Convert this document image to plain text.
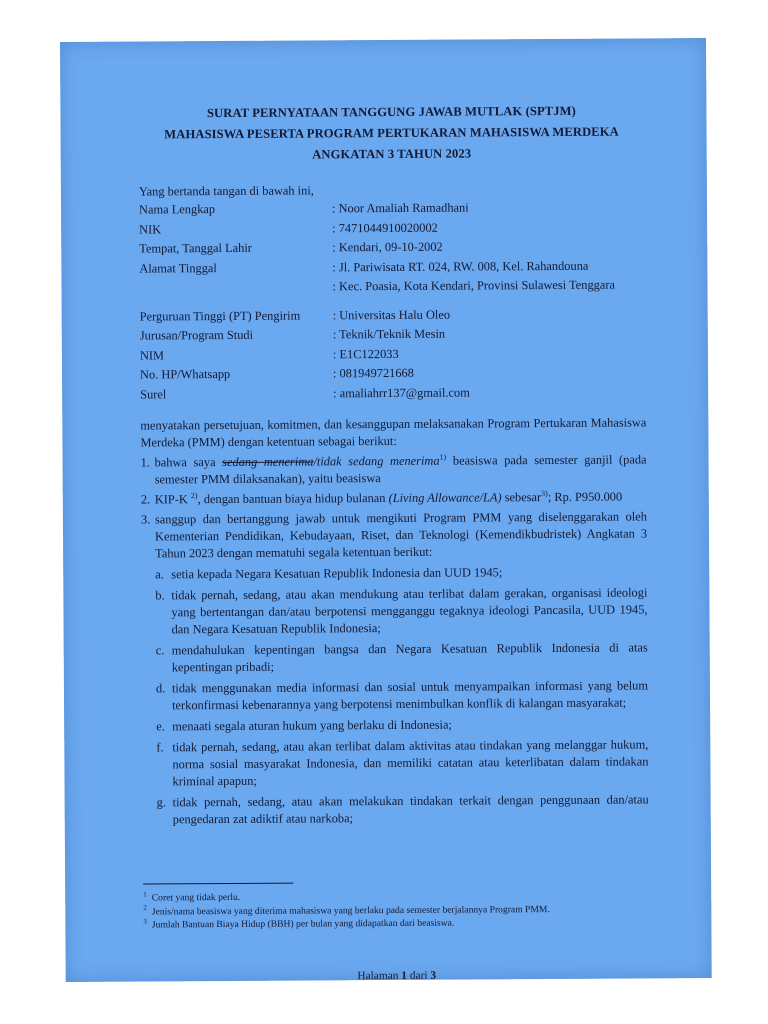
SURAT PERNYATAAN TANGGUNG JAWAB MUTLAK (SPTJM)
MAHASISWA PESERTA PROGRAM PERTUKARAN MAHASISWA MERDEKA
ANGKATAN 3 TAHUN 2023
Yang bertanda tangan di bawah ini,
Nama Lengkap	: Noor Amaliah Ramadhani
NIK	: 7471044910020002
Tempat, Tanggal Lahir	: Kendari, 09-10-2002
Alamat Tinggal	: Jl. Pariwisata RT. 024, RW. 008, Kel. Rahandouna
	: Kec. Poasia, Kota Kendari, Provinsi Sulawesi Tenggara
Perguruan Tinggi (PT) Pengirim	: Universitas Halu Oleo
Jurusan/Program Studi	: Teknik/Teknik Mesin
NIM	: E1C122033
No. HP/Whatsapp	: 081949721668
Surel	: amaliahrr137@gmail.com
menyatakan persetujuan, komitmen, dan kesanggupan melaksanakan Program Pertukaran Mahasiswa Merdeka (PMM) dengan ketentuan sebagai berikut:
1. bahwa saya sedang menerima/tidak sedang menerima$^{1)}$ beasiswa pada semester ganjil (pada semester PMM dilaksanakan), yaitu beasiswa
2. KIP-K $^{2)}$, dengan bantuan biaya hidup bulanan (Living Allowance/LA) sebesar$^{3)}$; Rp. P950.000
3. sanggup dan bertanggung jawab untuk mengikuti Program PMM yang diselenggarakan oleh Kementerian Pendidikan, Kebudayaan, Riset, dan Teknologi (Kemendikbudristek) Angkatan 3 Tahun 2023 dengan mematuhi segala ketentuan berikut:
a. setia kepada Negara Kesatuan Republik Indonesia dan UUD 1945;
b. tidak pernah, sedang, atau akan mendukung atau terlibat dalam gerakan, organisasi ideologi yang bertentangan dan/atau berpotensi mengganggu tegaknya ideologi Pancasila, UUD 1945, dan Negara Kesatuan Republik Indonesia;
c. mendahulukan kepentingan bangsa dan Negara Kesatuan Republik Indonesia di atas kepentingan pribadi;
d. tidak menggunakan media informasi dan sosial untuk menyampaikan informasi yang belum terkonfirmasi kebenarannya yang berpotensi menimbulkan konflik di kalangan masyarakat;
e. menaati segala aturan hukum yang berlaku di Indonesia;
f. tidak pernah, sedang, atau akan terlibat dalam aktivitas atau tindakan yang melanggar hukum, norma sosial masyarakat Indonesia, dan memiliki catatan atau keterlibatan dalam tindakan kriminal apapun;
g. tidak pernah, sedang, atau akan melakukan tindakan terkait dengan penggunaan dan/atau pengedaran zat adiktif atau narkoba;
$^1$ Coret yang tidak perlu.
$^2$ Jenis/nama beasiswa yang diterima mahasiswa yang berlaku pada semester berjalannya Program PMM.
$^3$ Jumlah Bantuan Biaya Hidup (BBH) per bulan yang didapatkan dari beasiswa.
Halaman 1 dari 3
